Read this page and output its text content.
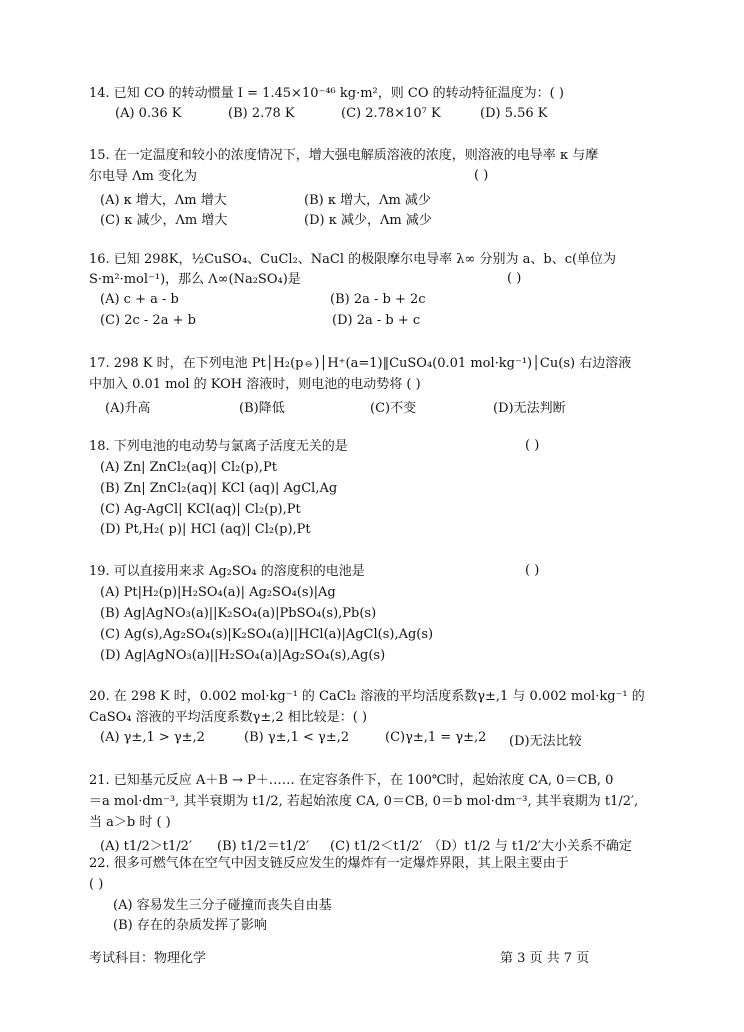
14. 已知 CO 的转动惯量 I = 1.45×10⁻⁴⁶ kg·m²，则 CO 的转动特征温度为：( )
(A) 0.36 K	(B) 2.78 K	(C) 2.78×10⁷ K	(D) 5.56 K
15. 在一定温度和较小的浓度情况下，增大强电解质溶液的浓度，则溶液的电导率 κ 与摩
尔电导 Λm 变化为	( )
(A) κ 增大，Λm 增大	(B) κ 增大，Λm 减少
(C) κ 减少，Λm 增大	(D) κ 减少，Λm 减少
16. 已知 298K，½CuSO₄、CuCl₂、NaCl 的极限摩尔电导率 λ∞ 分别为 a、b、c(单位为
S·m²·mol⁻¹)，那么 Λ∞(Na₂SO₄)是	( )
(A) c + a - b	(B) 2a - b + 2c
(C) 2c - 2a + b	(D) 2a - b + c
17. 298 K 时，在下列电池 Pt│H₂(p⦵)│H⁺(a=1)‖CuSO₄(0.01 mol·kg⁻¹)│Cu(s) 右边溶液
中加入 0.01 mol 的 KOH 溶液时，则电池的电动势将 ( )
(A)升高	(B)降低	(C)不变	(D)无法判断
18. 下列电池的电动势与氯离子活度无关的是	( )
(A) Zn| ZnCl₂(aq)| Cl₂(p),Pt
(B) Zn| ZnCl₂(aq)| KCl (aq)| AgCl,Ag
(C) Ag-AgCl| KCl(aq)| Cl₂(p),Pt
(D) Pt,H₂( p)| HCl (aq)| Cl₂(p),Pt
19. 可以直接用来求 Ag₂SO₄ 的溶度积的电池是	( )
(A) Pt|H₂(p)|H₂SO₄(a)| Ag₂SO₄(s)|Ag
(B) Ag|AgNO₃(a)||K₂SO₄(a)|PbSO₄(s),Pb(s)
(C) Ag(s),Ag₂SO₄(s)|K₂SO₄(a)||HCl(a)|AgCl(s),Ag(s)
(D) Ag|AgNO₃(a)||H₂SO₄(a)|Ag₂SO₄(s),Ag(s)
20. 在 298 K 时，0.002 mol·kg⁻¹ 的 CaCl₂ 溶液的平均活度系数γ±,1 与 0.002 mol·kg⁻¹ 的
CaSO₄ 溶液的平均活度系数γ±,2 相比较是：( )
(A) γ±,1 > γ±,2	(B) γ±,1 < γ±,2	(C)γ±,1 = γ±,2 (D)无法比较
21. 已知基元反应 A＋B → P＋…… 在定容条件下，在 100℃时，起始浓度 CA, 0＝CB, 0
＝a mol·dm⁻³, 其半衰期为 t1/2, 若起始浓度 CA, 0＝CB, 0＝b mol·dm⁻³, 其半衰期为 t1/2′,
当 a＞b 时 ( )
(A) t1/2＞t1/2′ (B) t1/2＝t1/2′ (C) t1/2＜t1/2′ （D）t1/2 与 t1/2′大小关系不确定
22. 很多可燃气体在空气中因支链反应发生的爆炸有一定爆炸界限，其上限主要由于
( )
(A) 容易发生三分子碰撞而丧失自由基
(B) 存在的杂质发挥了影响
考试科目：物理化学	第 3 页 共 7 页
